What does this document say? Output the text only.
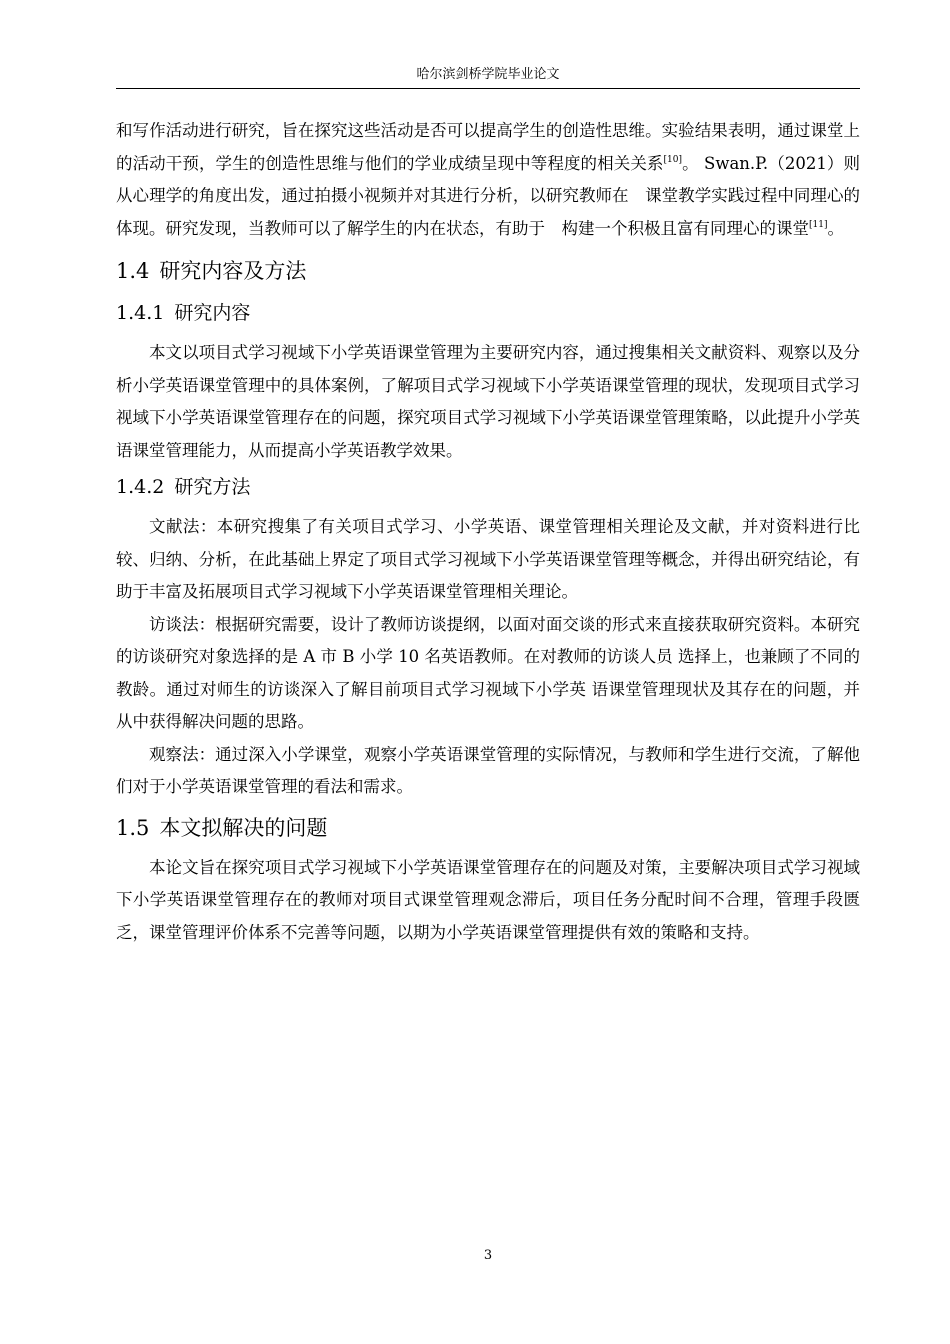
哈尔滨剑桥学院毕业论文

和写作活动进行研究，旨在探究这些活动是否可以提高学生的创造性思维。实验结果表明，通过课堂上的活动干预，学生的创造性思维与他们的学业成绩呈现中等程度的相关关系[10]。 Swan.P.（2021）则从心理学的角度出发，通过拍摄小视频并对其进行分析，以研究教师在　课堂教学实践过程中同理心的体现。研究发现，当教师可以了解学生的内在状态，有助于　构建一个积极且富有同理心的课堂[11]。

1.4 研究内容及方法
1.4.1 研究内容

本文以项目式学习视域下小学英语课堂管理为主要研究内容，通过搜集相关文献资料、观察以及分析小学英语课堂管理中的具体案例，了解项目式学习视域下小学英语课堂管理的现状，发现项目式学习视域下小学英语课堂管理存在的问题，探究项目式学习视域下小学英语课堂管理策略，以此提升小学英语课堂管理能力，从而提高小学英语教学效果。

1.4.2 研究方法

文献法：本研究搜集了有关项目式学习、小学英语、课堂管理相关理论及文献，并对资料进行比较、归纳、分析，在此基础上界定了项目式学习视域下小学英语课堂管理等概念，并得出研究结论，有助于丰富及拓展项目式学习视域下小学英语课堂管理相关理论。

访谈法：根据研究需要，设计了教师访谈提纲，以面对面交谈的形式来直接获取研究资料。本研究的访谈研究对象选择的是 A 市 B 小学 10 名英语教师。在对教师的访谈人员 选择上，也兼顾了不同的教龄。通过对师生的访谈深入了解目前项目式学习视域下小学英 语课堂管理现状及其存在的问题，并从中获得解决问题的思路。

观察法：通过深入小学课堂，观察小学英语课堂管理的实际情况，与教师和学生进行交流，了解他们对于小学英语课堂管理的看法和需求。

1.5 本文拟解决的问题

本论文旨在探究项目式学习视域下小学英语课堂管理存在的问题及对策，主要解决项目式学习视域下小学英语课堂管理存在的教师对项目式课堂管理观念滞后，项目任务分配时间不合理，管理手段匮乏，课堂管理评价体系不完善等问题，以期为小学英语课堂管理提供有效的策略和支持。

3
